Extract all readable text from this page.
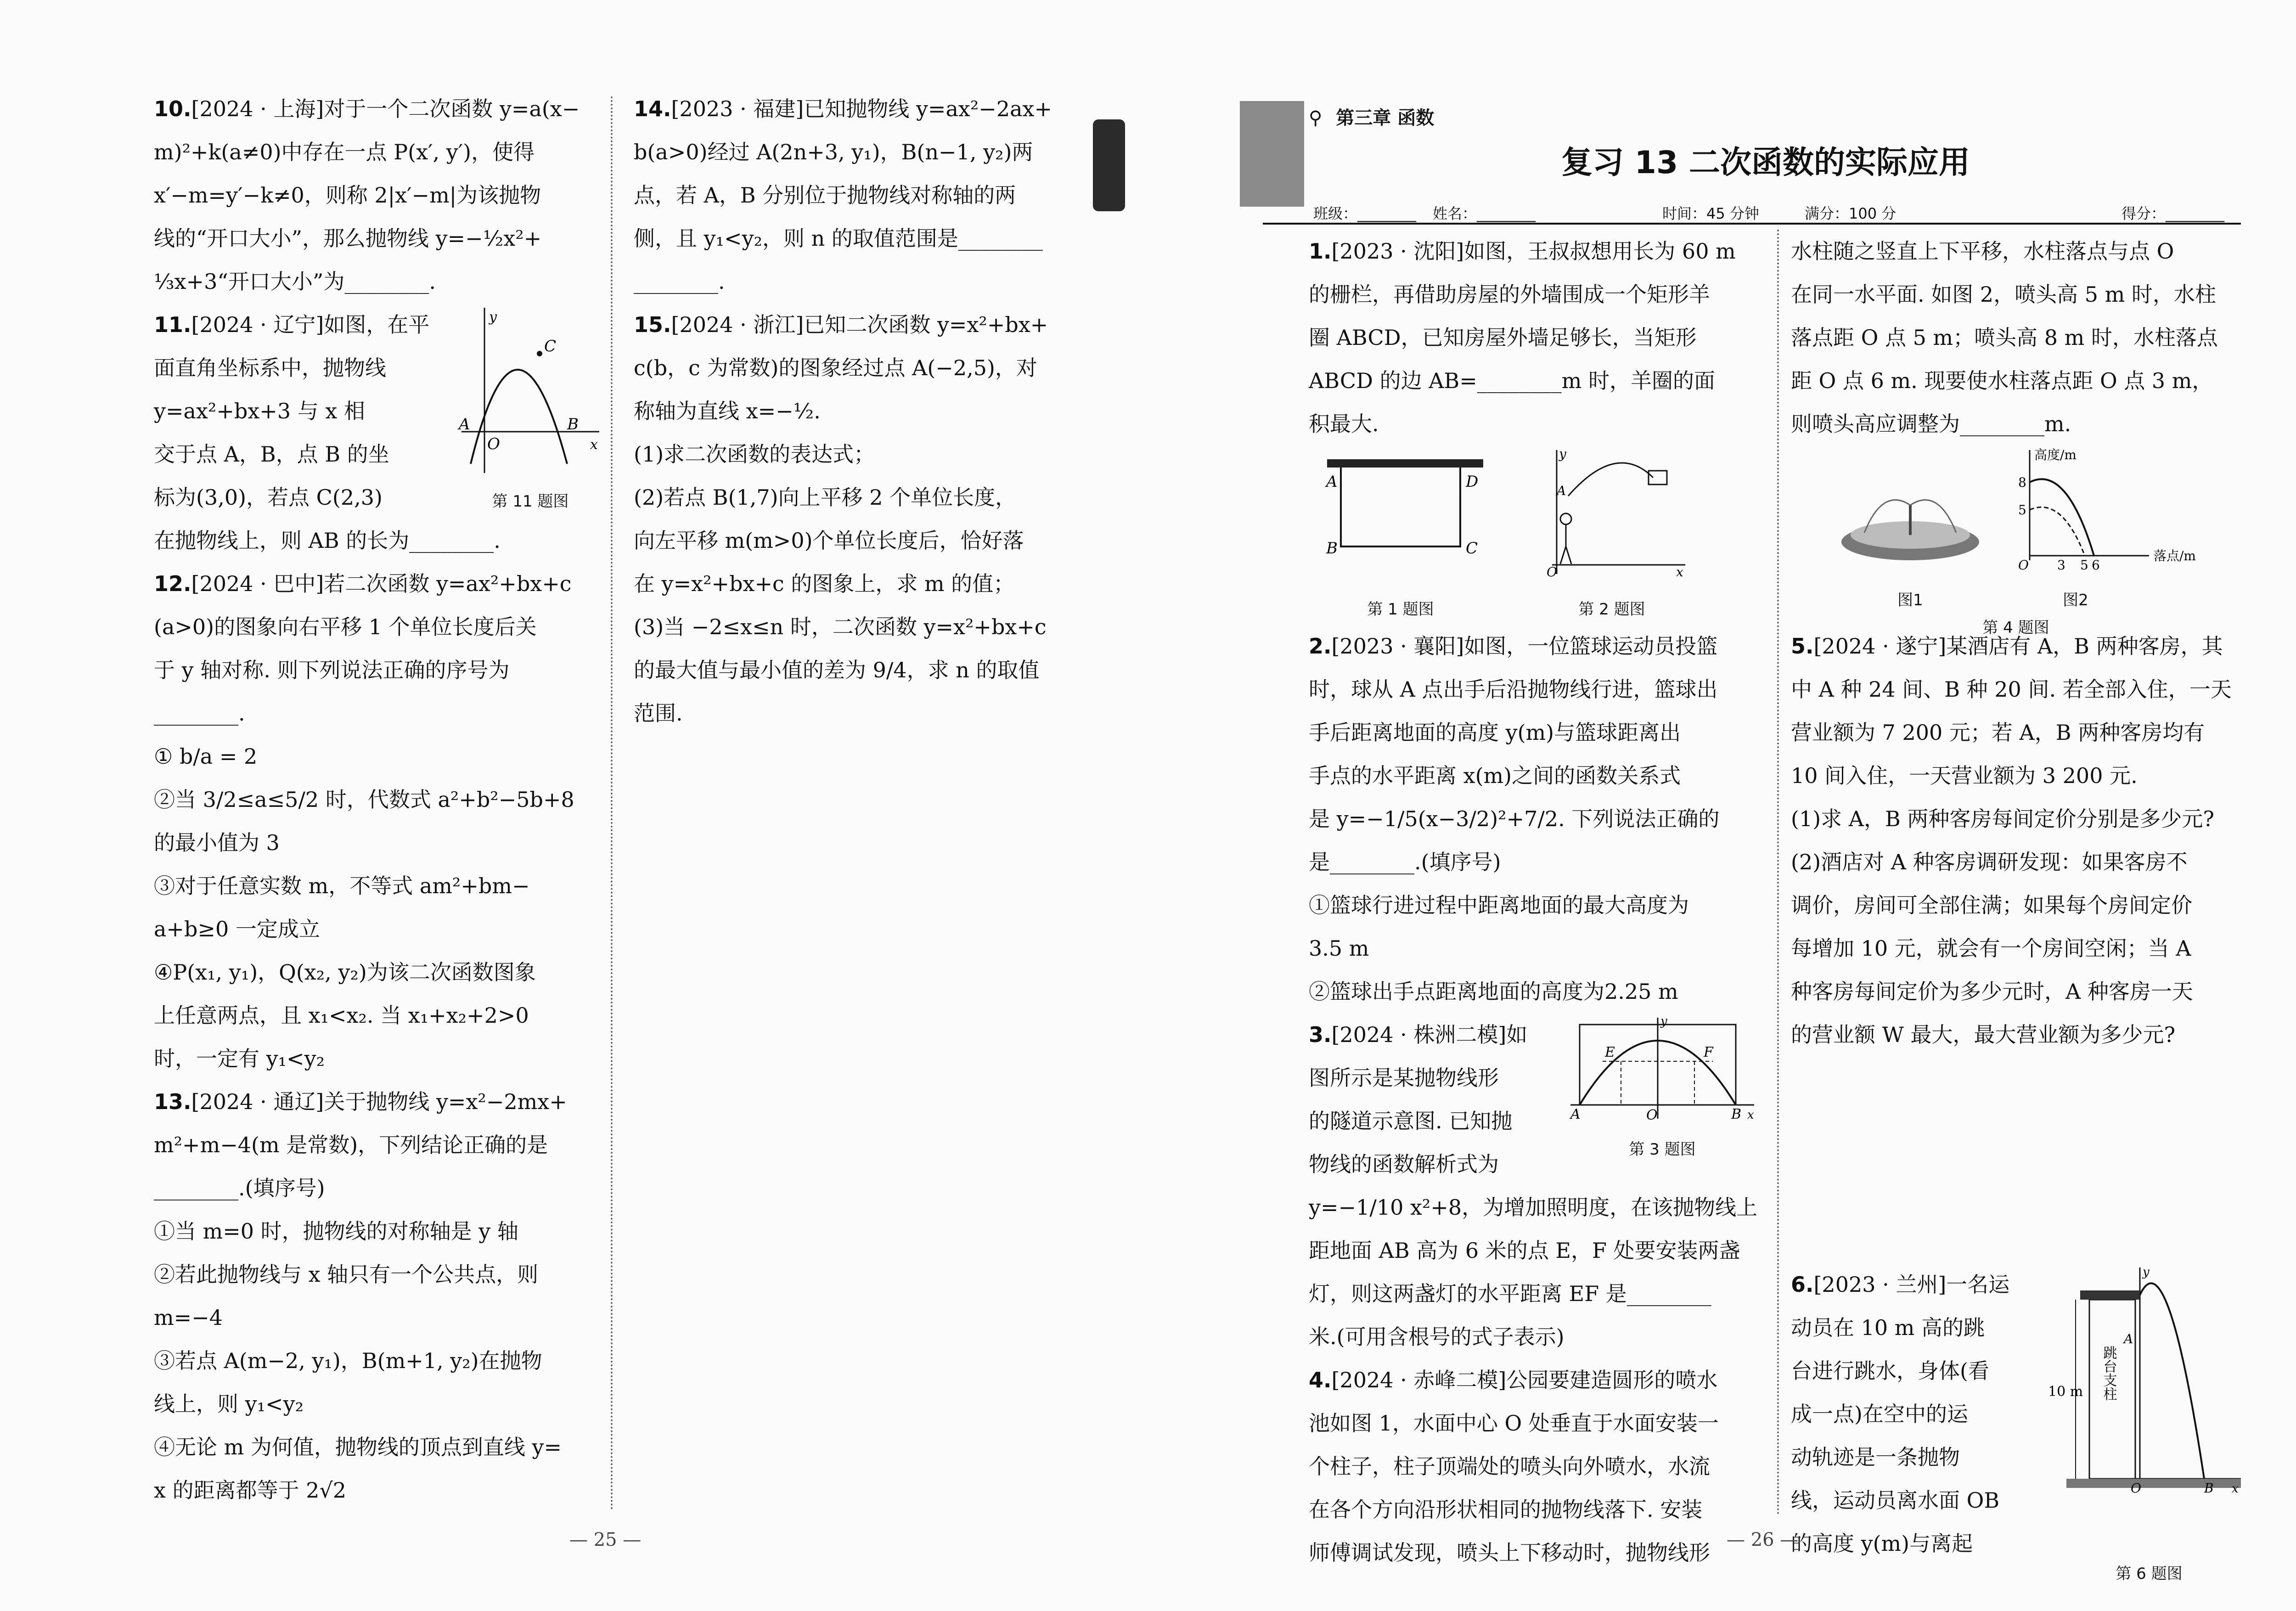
10.[2024 · 上海]对于一个二次函数 y=a(x−

m)²+k(a≠0)中存在一点 P(x′, y′)，使得

x′−m=y′−k≠0，则称 2|x′−m|为该抛物

线的“开口大小”，那么抛物线 y=−½x²+

⅓x+3“开口大小”为________.

11.[2024 · 辽宁]如图，在平

面直角坐标系中，抛物线

y=ax²+bx+3 与 x 相

交于点 A，B，点 B 的坐

标为(3,0)，若点 C(2,3)

在抛物线上，则 AB 的长为________.

C
A	B
O
y
x
第 11 题图

12.[2024 · 巴中]若二次函数 y=ax²+bx+c

(a>0)的图象向右平移 1 个单位长度后关

于 y 轴对称. 则下列说法正确的序号为

________.

① b/a = 2

②当 3/2≤a≤5/2 时，代数式 a²+b²−5b+8

的最小值为 3

③对于任意实数 m，不等式 am²+bm−

a+b≥0 一定成立

④P(x₁, y₁)，Q(x₂, y₂)为该二次函数图象

上任意两点，且 x₁<x₂. 当 x₁+x₂+2>0

时，一定有 y₁<y₂

13.[2024 · 通辽]关于抛物线 y=x²−2mx+

m²+m−4(m 是常数)，下列结论正确的是

________.(填序号)

①当 m=0 时，抛物线的对称轴是 y 轴

②若此抛物线与 x 轴只有一个公共点，则

m=−4

③若点 A(m−2, y₁)，B(m+1, y₂)在抛物

线上，则 y₁<y₂

④无论 m 为何值，抛物线的顶点到直线 y=

x 的距离都等于 2√2

14.[2023 · 福建]已知抛物线 y=ax²−2ax+

b(a>0)经过 A(2n+3, y₁)，B(n−1, y₂)两

点，若 A，B 分别位于抛物线对称轴的两

侧，且 y₁<y₂，则 n 的取值范围是________

________.

15.[2024 · 浙江]已知二次函数 y=x²+bx+

c(b，c 为常数)的图象经过点 A(−2,5)，对

称轴为直线 x=−½.

(1)求二次函数的表达式；

(2)若点 B(1,7)向上平移 2 个单位长度，

向左平移 m(m>0)个单位长度后，恰好落

在 y=x²+bx+c 的图象上，求 m 的值；

(3)当 −2≤x≤n 时，二次函数 y=x²+bx+c

的最大值与最小值的差为 9/4，求 n 的取值

范围.

— 25 —
⚲ 第三章 函数
复习 13 二次函数的实际应用
班级：________ 姓名：________	时间：45 分钟	满分：100 分	得分：________

1.[2023 · 沈阳]如图，王叔叔想用长为 60 m

的栅栏，再借助房屋的外墙围成一个矩形羊

圈 ABCD，已知房屋外墙足够长，当矩形

ABCD 的边 AB=________m 时，羊圈的面

积最大.

A
B	C
D
第 1 题图
y
O	x
A
第 2 题图

2.[2023 · 襄阳]如图，一位篮球运动员投篮

时，球从 A 点出手后沿抛物线行进，篮球出

手后距离地面的高度 y(m)与篮球距离出

手点的水平距离 x(m)之间的函数关系式

是 y=−1/5(x−3/2)²+7/2. 下列说法正确的

是________.(填序号)

①篮球行进过程中距离地面的最大高度为

3.5 m

②篮球出手点距离地面的高度为2.25 m

3.[2024 · 株洲二模]如

图所示是某抛物线形

的隧道示意图. 已知抛

物线的函数解析式为

y=−1/10 x²+8，为增加照明度，在该抛物线上

距地面 AB 高为 6 米的点 E，F 处要安装两盏

灯，则这两盏灯的水平距离 EF 是________

米.(可用含根号的式子表示)

A	B
E	F
O	x
y
第 3 题图

4.[2024 · 赤峰二模]公园要建造圆形的喷水

池如图 1，水面中心 O 处垂直于水面安装一

个柱子，柱子顶端处的喷头向外喷水，水流

在各个方向沿形状相同的抛物线落下. 安装

师傅调试发现，喷头上下移动时，抛物线形

水柱随之竖直上下平移，水柱落点与点 O

在同一水平面. 如图 2，喷头高 5 m 时，水柱

落点距 O 点 5 m；喷头高 8 m 时，水柱落点

距 O 点 6 m. 现要使水柱落点距 O 点 3 m，

则喷头高应调整为________m.

图1
8
5
3 5 6
O
高度/m
落点/m
图2
第 4 题图

5.[2024 · 遂宁]某酒店有 A，B 两种客房，其

中 A 种 24 间、B 种 20 间. 若全部入住，一天

营业额为 7 200 元；若 A，B 两种客房均有

10 间入住，一天营业额为 3 200 元.

(1)求 A，B 两种客房每间定价分别是多少元?

(2)酒店对 A 种客房调研发现：如果客房不

调价，房间可全部住满；如果每个房间定价

每增加 10 元，就会有一个房间空闲；当 A

种客房每间定价为多少元时，A 种客房一天

的营业额 W 最大，最大营业额为多少元?

6.[2023 · 兰州]一名运

动员在 10 m 高的跳

台进行跳水，身体(看

成一点)在空中的运

动轨迹是一条抛物

线，运动员离水面 OB

的高度 y(m)与离起

10 m 跳台支柱
A
B
O	x
y
第 6 题图
— 26 —
